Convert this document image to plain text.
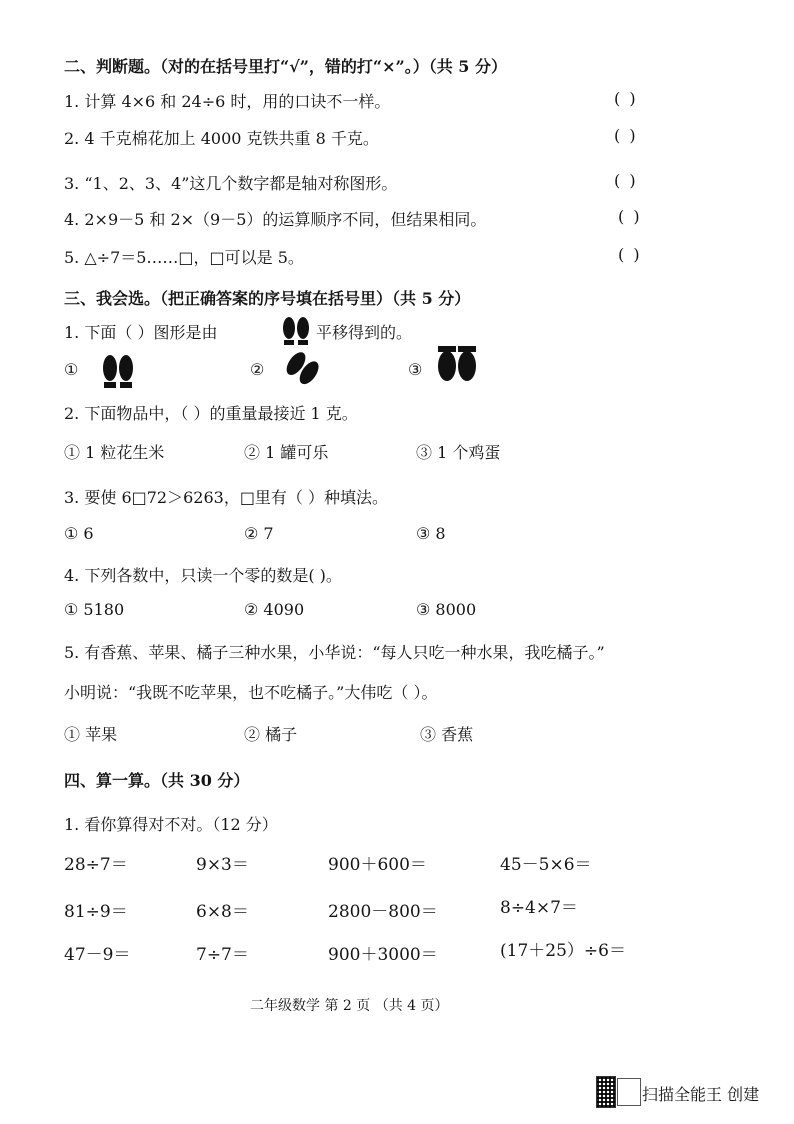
二、判断题。（对的在括号里打“√”，错的打“×”。）（共 5 分）
1. 计算 4×6 和 24÷6 时，用的口诀不一样。	( )
2. 4 千克棉花加上 4000 克铁共重 8 千克。	( )
3. “1、2、3、4”这几个数字都是轴对称图形。	( )
4. 2×9－5 和 2×（9－5）的运算顺序不同，但结果相同。	( )
5. △÷7＝5……□，□可以是 5。	( )
三、我会选。（把正确答案的序号填在括号里）（共 5 分）
1. 下面（ ）图形是由	平移得到的。
①	②	③
2. 下面物品中，（ ）的重量最接近 1 克。
① 1 粒花生米	② 1 罐可乐	③ 1 个鸡蛋
3. 要使 6□72＞6263，□里有（ ）种填法。
① 6	② 7	③ 8
4. 下列各数中，只读一个零的数是( )。
① 5180	② 4090	③ 8000
5. 有香蕉、苹果、橘子三种水果，小华说：“每人只吃一种水果，我吃橘子。”
小明说：“我既不吃苹果，也不吃橘子。”大伟吃（ ）。
① 苹果	② 橘子	③ 香蕉
四、算一算。（共 30 分）
1. 看你算得对不对。（12 分）
28÷7＝	9×3＝	900＋600＝	45－5×6＝
81÷9＝	6×8＝	2800－800＝	8÷4×7＝
47－9＝	7÷7＝	900＋3000＝	(17＋25）÷6＝
二年级数学 第 2 页 （共 4 页）
扫描全能王 创建
